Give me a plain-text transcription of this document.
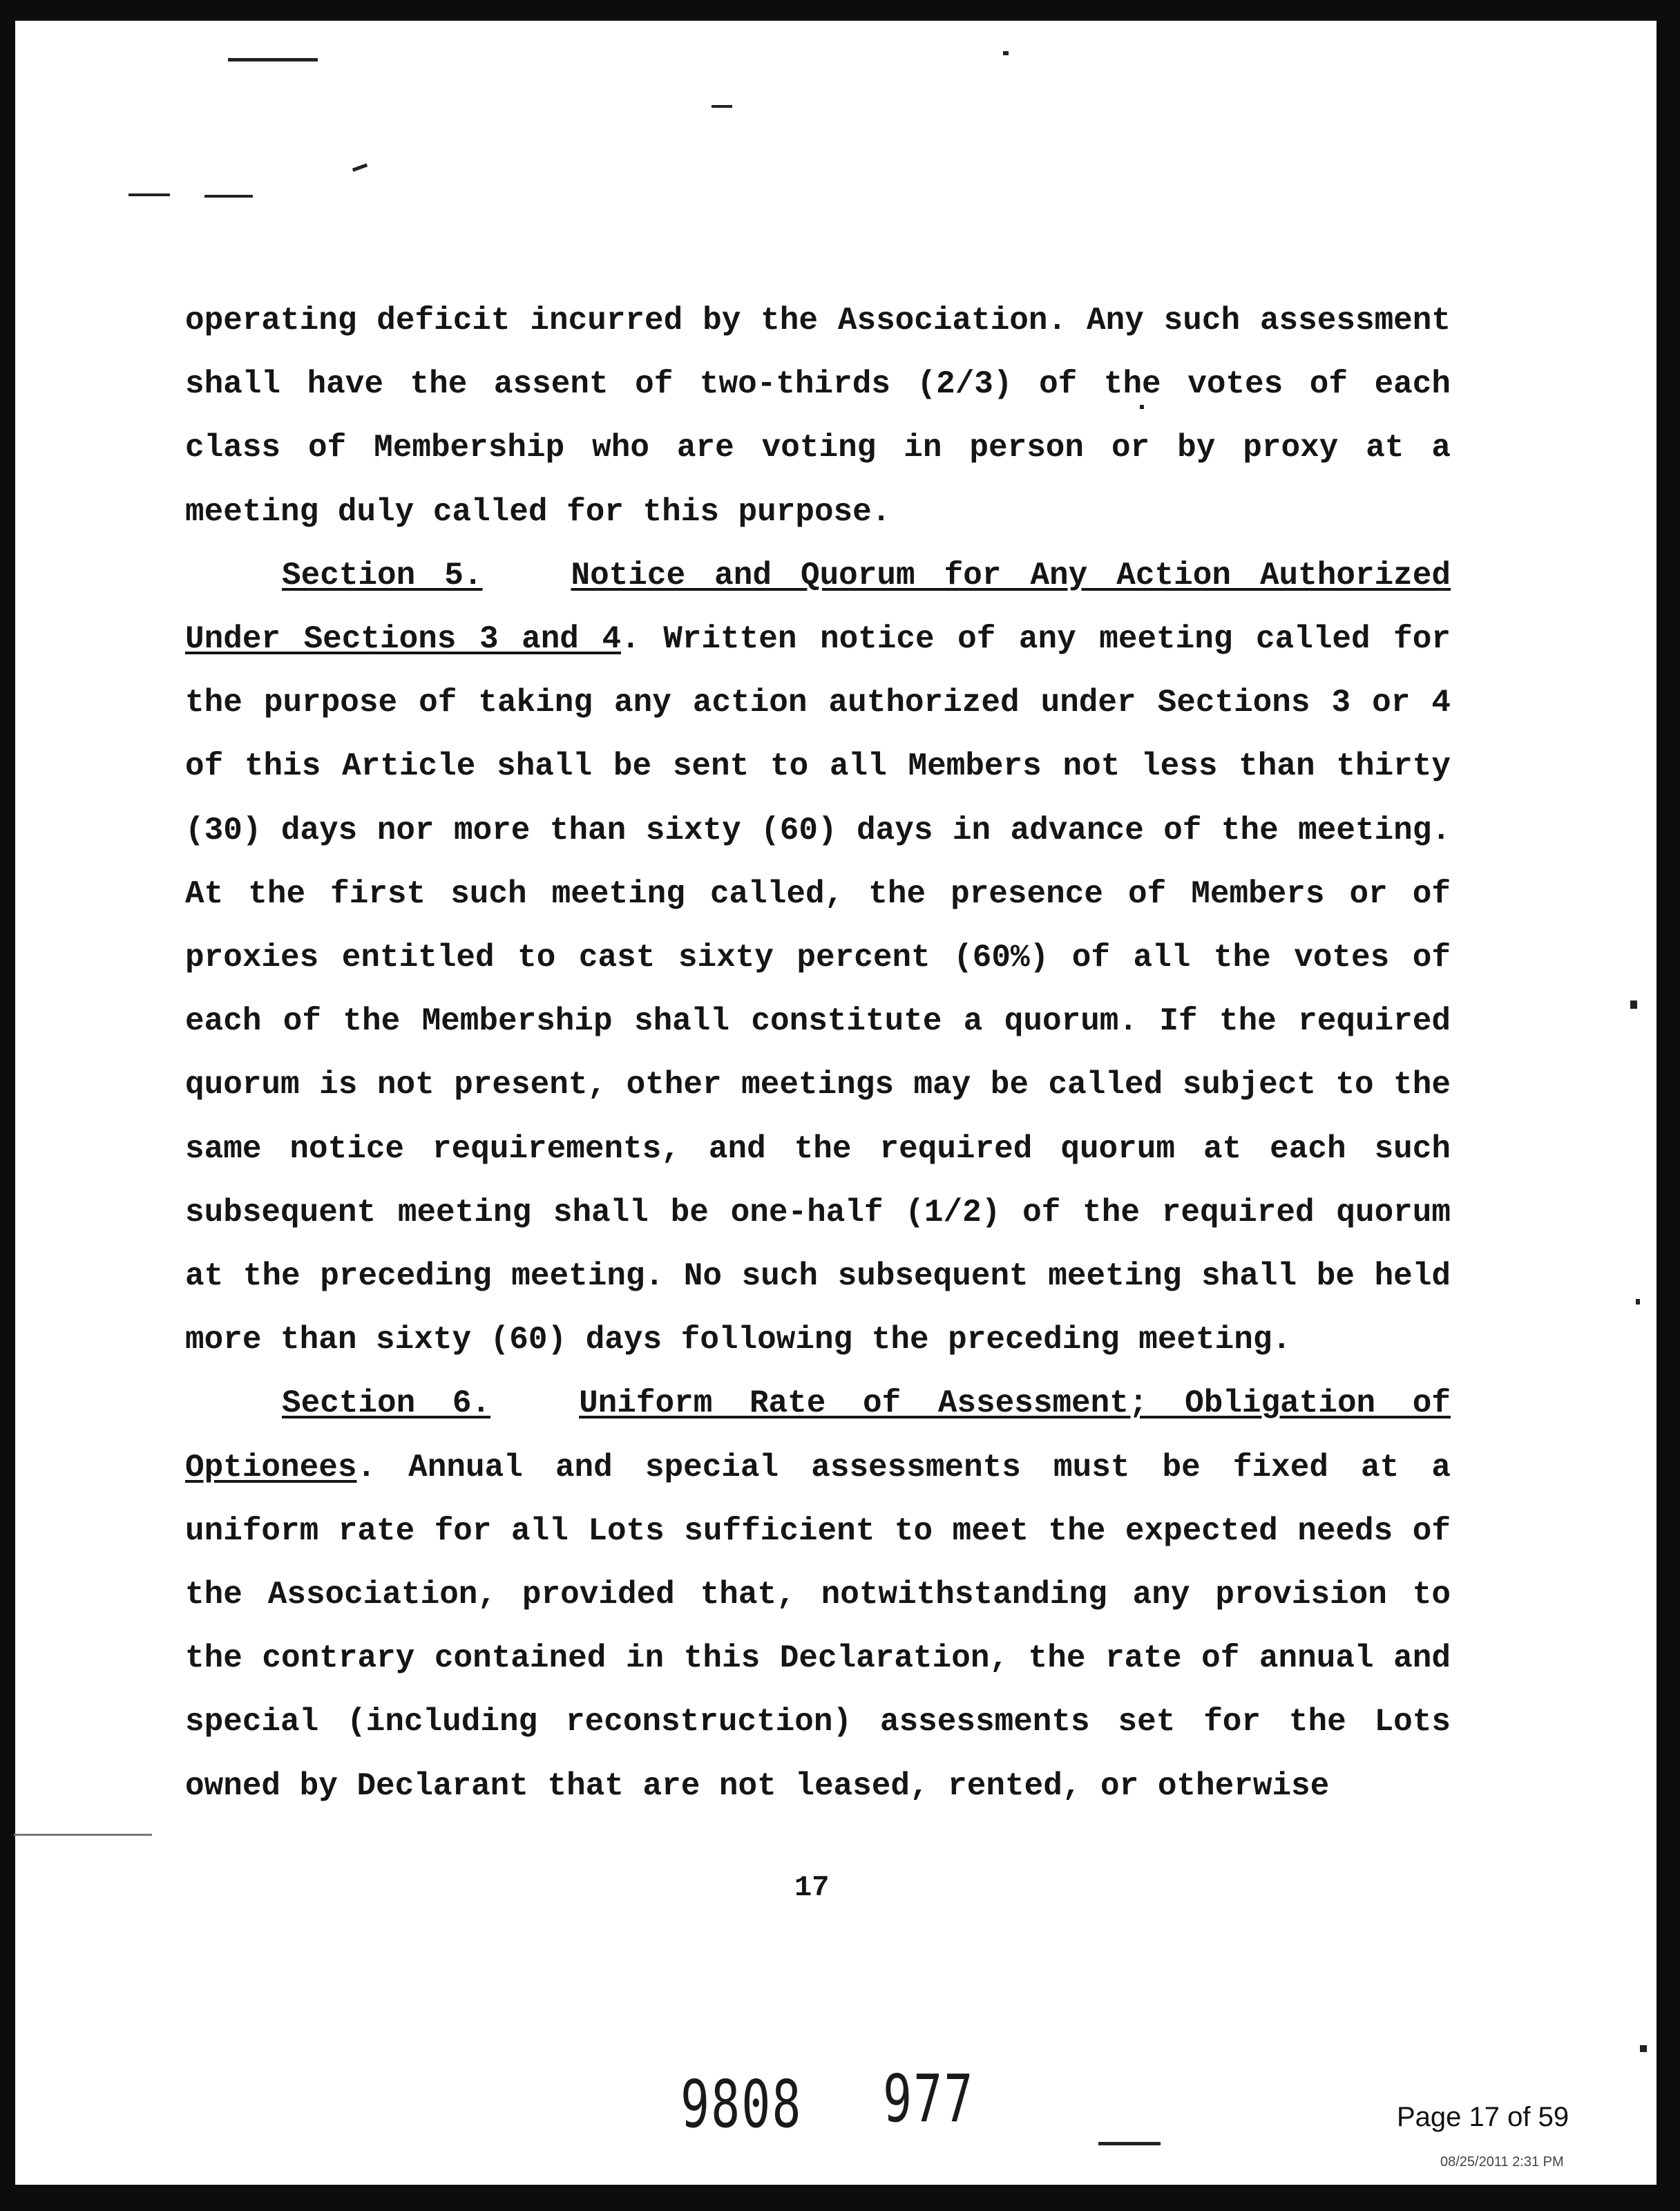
operating deficit incurred by the Association. Any such assessment shall have the assent of two-thirds (2/3) of the votes of each class of Membership who are voting in person or by proxy at a meeting duly called for this purpose.

Section 5.	Notice and Quorum for Any Action Authorized Under Sections 3 and 4. Written notice of any meeting called for the purpose of taking any action authorized under Sections 3 or 4 of this Article shall be sent to all Members not less than thirty (30) days nor more than sixty (60) days in advance of the meeting. At the first such meeting called, the presence of Members or of proxies entitled to cast sixty percent (60%) of all the votes of each of the Membership shall constitute a quorum. If the required quorum is not present, other meetings may be called subject to the same notice requirements, and the required quorum at each such subsequent meeting shall be one-half (1/2) of the required quorum at the preceding meeting. No such subsequent meeting shall be held more than sixty (60) days following the preceding meeting.

Section 6.	Uniform Rate of Assessment; Obligation of Optionees. Annual and special assessments must be fixed at a uniform rate for all Lots sufficient to meet the expected needs of the Association, provided that, notwithstanding any provision to the contrary contained in this Declaration, the rate of annual and special (including reconstruction) assessments set for the Lots owned by Declarant that are not leased, rented, or otherwise

17
9808 977	Page 17 of 59
08/25/2011 2:31 PM
